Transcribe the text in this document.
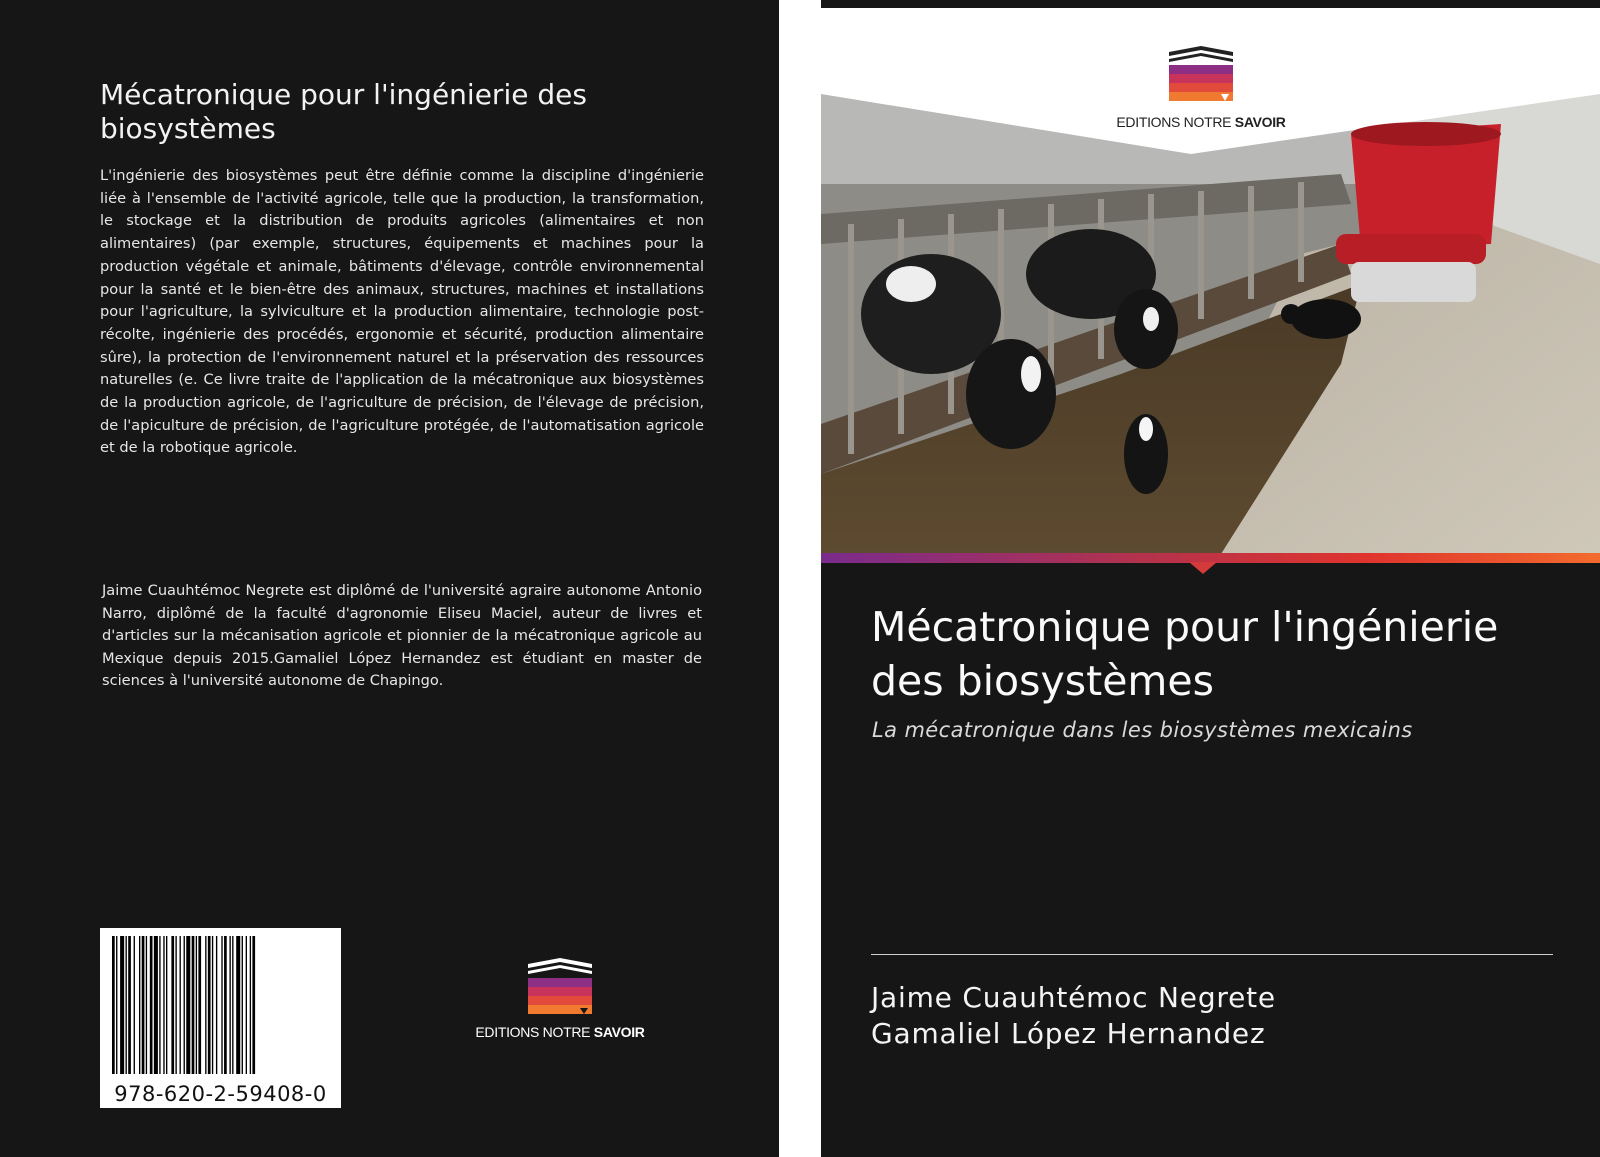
Mécatronique pour l'ingénierie des biosystèmes

L'ingénierie des biosystèmes peut être définie comme la discipline d'ingénierie liée à l'ensemble de l'activité agricole, telle que la production, la transformation, le stockage et la distribution de produits agricoles (alimentaires et non alimentaires) (par exemple, structures, équipements et machines pour la production végétale et animale, bâtiments d'élevage, contrôle environnemental pour la santé et le bien-être des animaux, structures, machines et installations pour l'agriculture, la sylviculture et la production alimentaire, technologie post-récolte, ingénierie des procédés, ergonomie et sécurité, production alimentaire sûre), la protection de l'environnement naturel et la préservation des ressources naturelles (e. Ce livre traite de l'application de la mécatronique aux biosystèmes de la production agricole, de l'agriculture de précision, de l'élevage de précision, de l'apiculture de précision, de l'agriculture protégée, de l'automatisation agricole et de la robotique agricole.

Jaime Cuauhtémoc Negrete est diplômé de l'université agraire autonome Antonio Narro, diplômé de la faculté d'agronomie Eliseu Maciel, auteur de livres et d'articles sur la mécanisation agricole et pionnier de la mécatronique agricole au Mexique depuis 2015.Gamaliel López Hernandez est étudiant en master de sciences à l'université autonome de Chapingo.

978-620-2-59408-0
EDITIONS NOTRE SAVOIR
EDITIONS NOTRE SAVOIR
Mécatronique pour l'ingénierie des biosystèmes
La mécatronique dans les biosystèmes mexicains
Jaime Cuauhtémoc Negrete
Gamaliel López Hernandez
